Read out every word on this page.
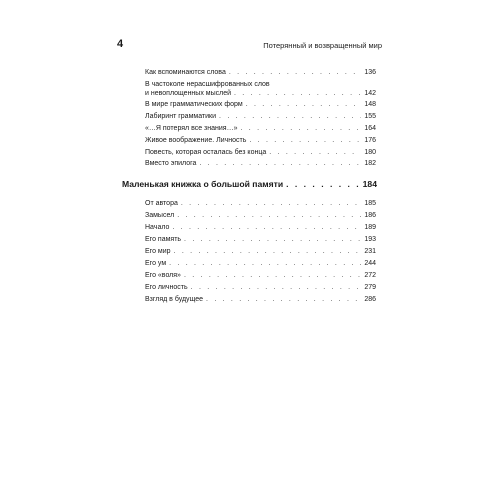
4	Потерянный и возвращенный мир
Как вспоминаются слова . . .	136
В частоколе нерасшифрованных слов
и невоплощенных мыслей . . .	142
В мире грамматических форм . . .	148
Лабиринт грамматики . . .	155
«…Я потерял все знания…» . . .	164
Живое воображение. Личность . . .	176
Повесть, которая осталась без конца . . .	180
Вместо эпилога . . .	182
Маленькая книжка о большой памяти . . .	184
От автора . . .	185
Замысел . . .	186
Начало . . .	189
Его память . . .	193
Его мир . . .	231
Его ум . . .	244
Его «воля» . . .	272
Его личность . . .	279
Взгляд в будущее . . .	286
